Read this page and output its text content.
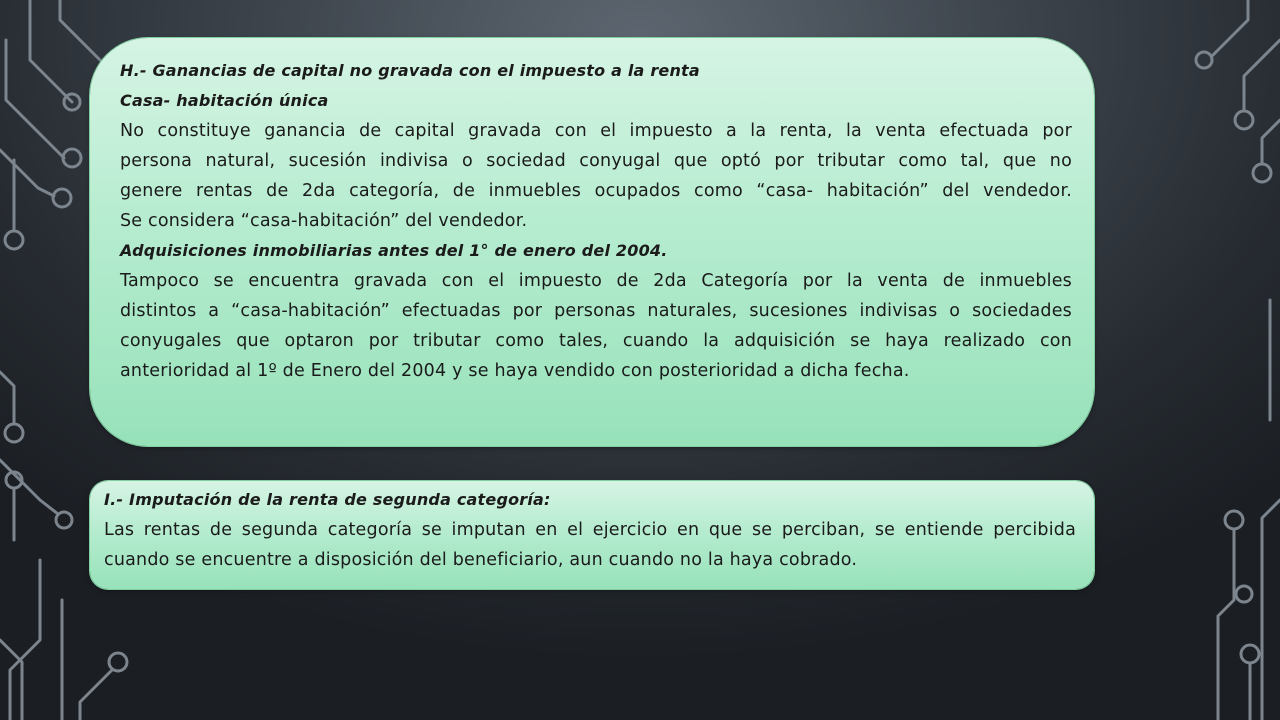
H.- Ganancias de capital no gravada con el impuesto a la renta
Casa- habitación única
No constituye ganancia de capital gravada con el impuesto a la renta, la venta efectuada por
persona natural, sucesión indivisa o sociedad conyugal que optó por tributar como tal, que no
genere rentas de 2da categoría, de inmuebles ocupados como “casa- habitación” del vendedor.
Se considera “casa-habitación” del vendedor.
Adquisiciones inmobiliarias antes del 1° de enero del 2004.
Tampoco se encuentra gravada con el impuesto de 2da Categoría por la venta de inmuebles
distintos a “casa-habitación” efectuadas por personas naturales, sucesiones indivisas o sociedades
conyugales que optaron por tributar como tales, cuando la adquisición se haya realizado con
anterioridad al 1º de Enero del 2004 y se haya vendido con posterioridad a dicha fecha.
I.- Imputación de la renta de segunda categoría:
Las rentas de segunda categoría se imputan en el ejercicio en que se perciban, se entiende percibida
cuando se encuentre a disposición del beneficiario, aun cuando no la haya cobrado.
